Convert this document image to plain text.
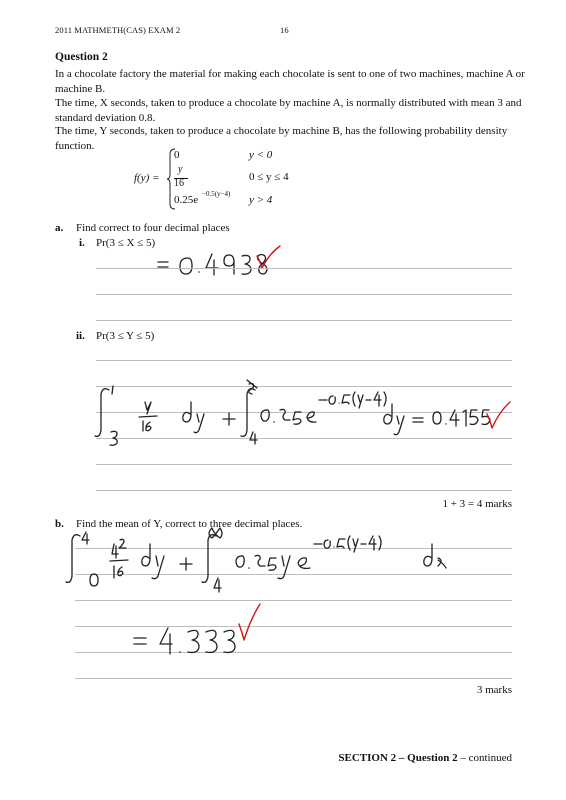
2011 MATHMETH(CAS) EXAM 2	16
Question 2
In a chocolate factory the material for making each chocolate is sent to one of two machines, machine A or machine B.
The time, X seconds, taken to produce a chocolate by machine A, is normally distributed with mean 3 and standard deviation 0.8.
The time, Y seconds, taken to produce a chocolate by machine B, has the following probability density function.
f(y) =
0
y
16
0.25e −0.5(y−4)
y < 0
0 ≤ y ≤ 4
y > 4
a. Find correct to four decimal places
i. Pr(3 ≤ X ≤ 5)
ii. Pr(3 ≤ Y ≤ 5)
1 + 3 = 4 marks
b. Find the mean of Y, correct to three decimal places.
3 marks
SECTION 2 – Question 2 – continued
